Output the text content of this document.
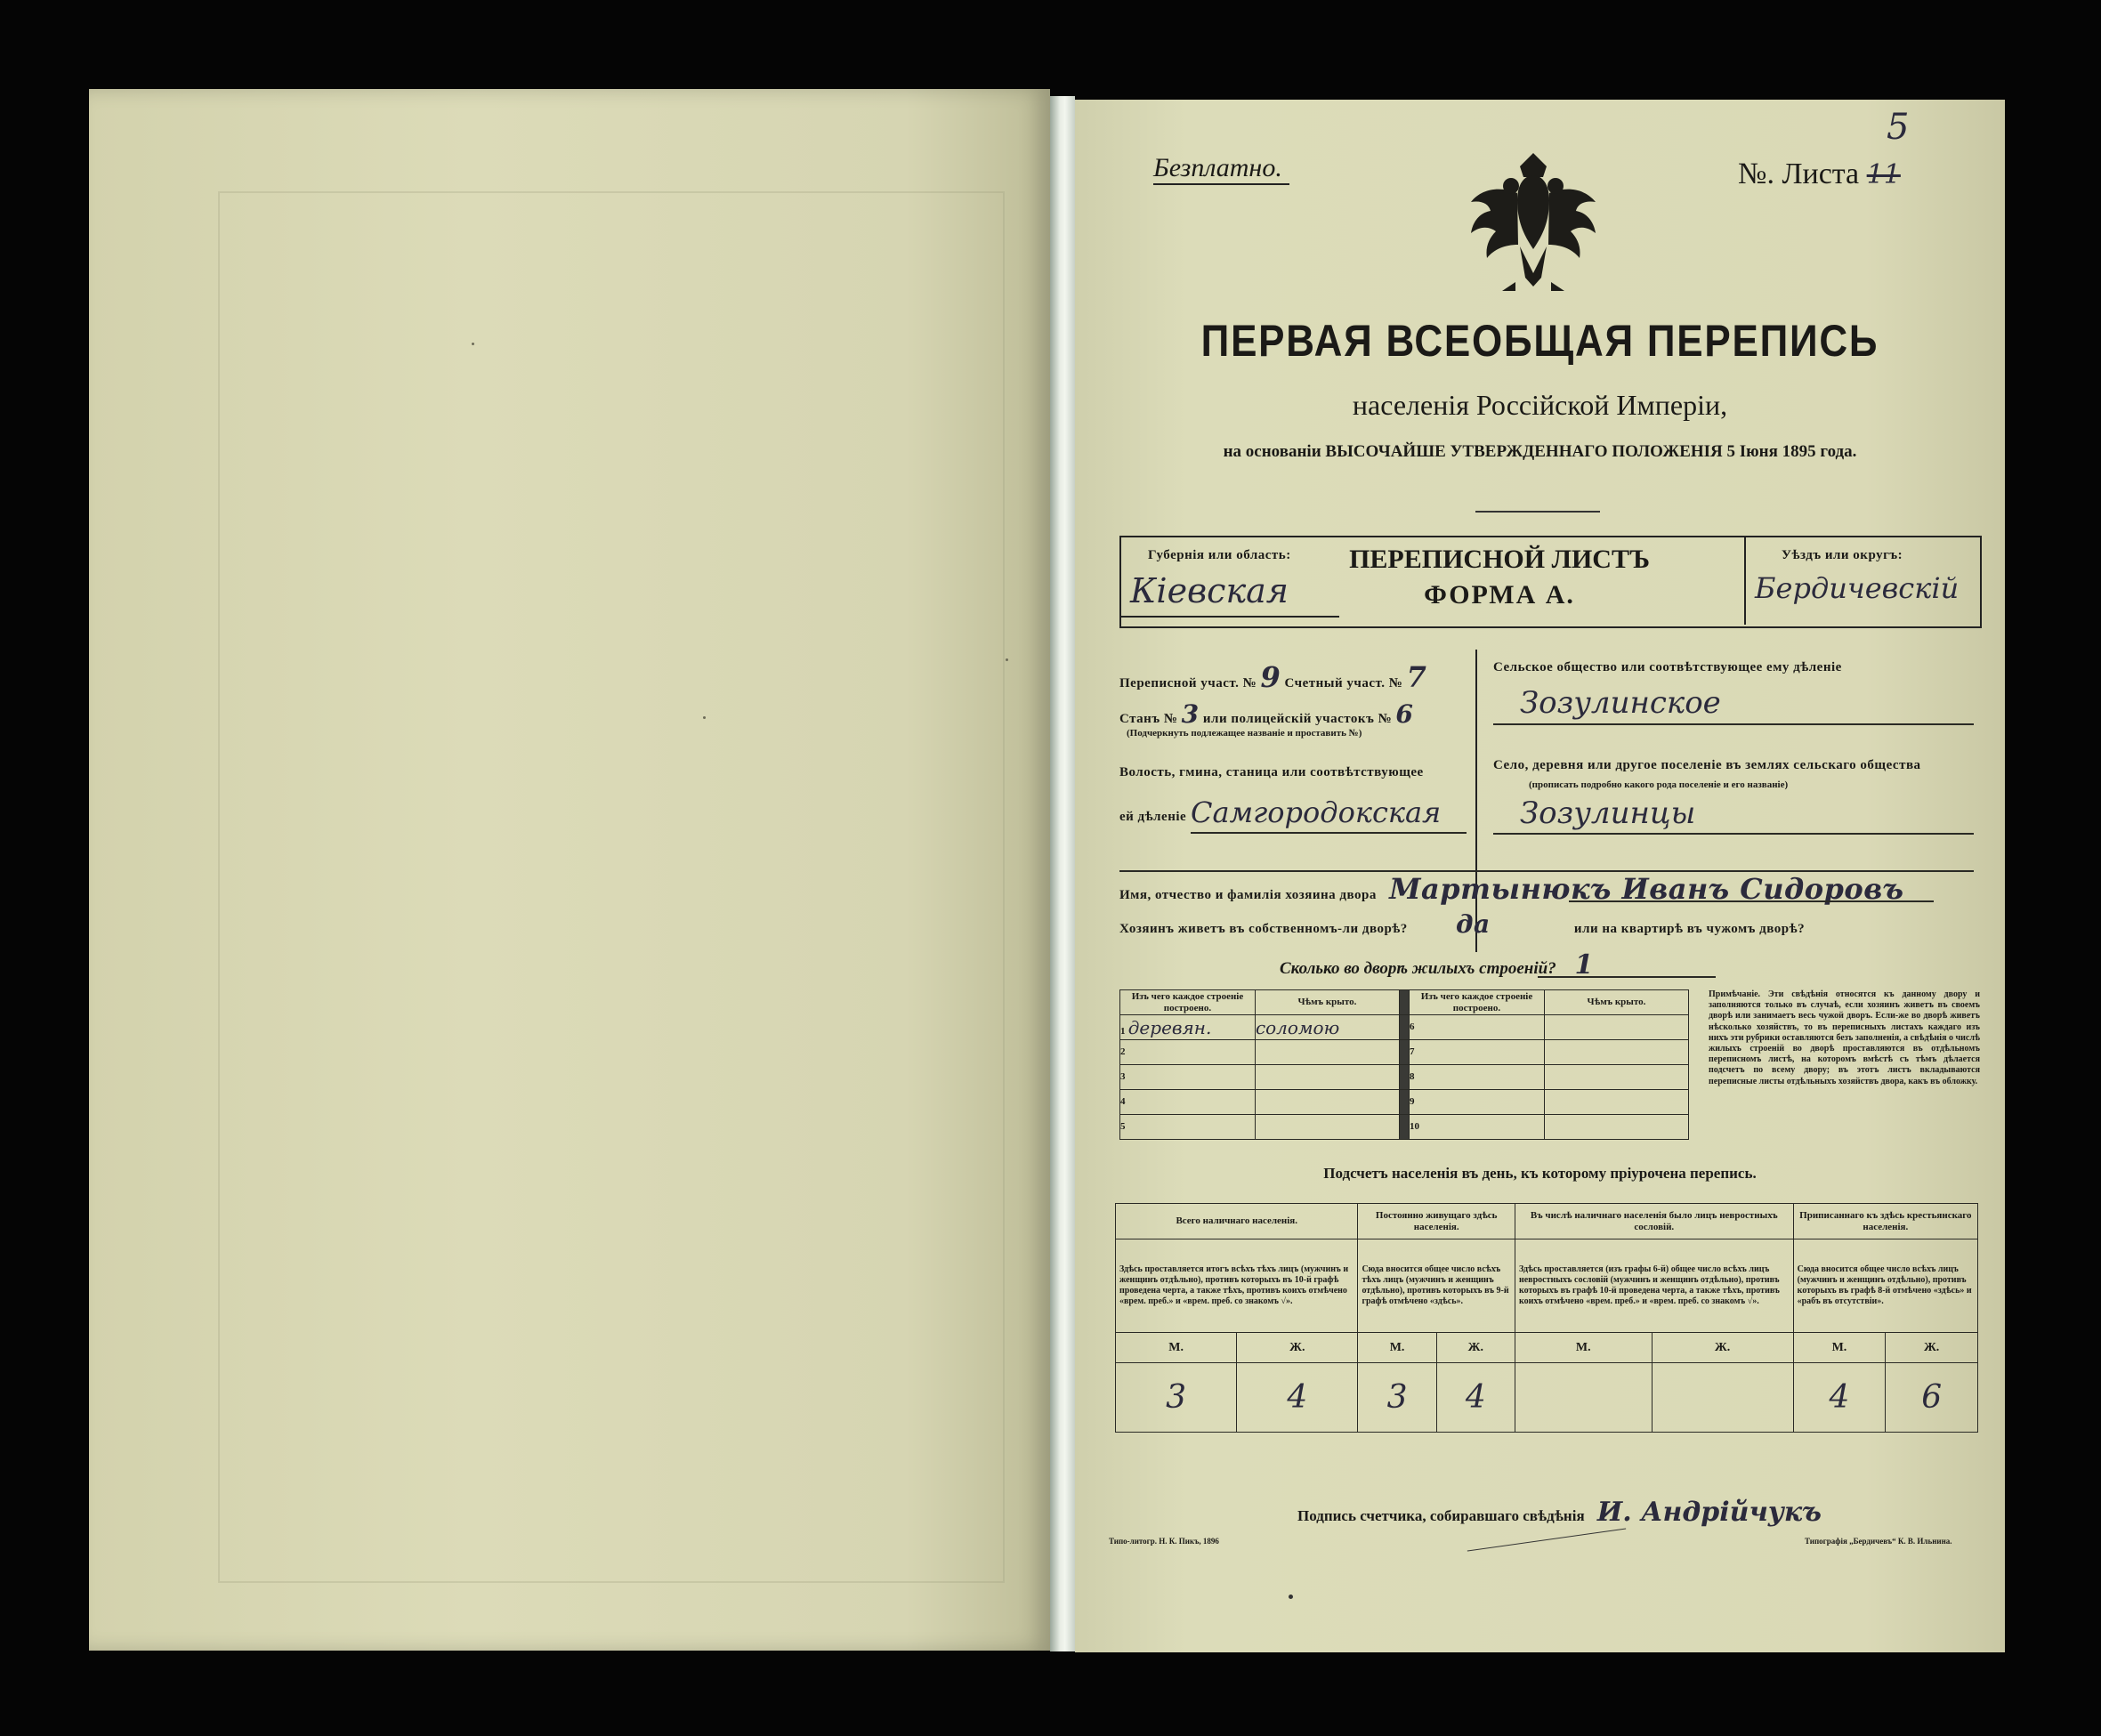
Безплатно.	№. Листа 11
5
ПЕРВАЯ ВСЕОБЩАЯ ПЕРЕПИСЬ
населенія Россійской Имперіи,
на основаніи ВЫСОЧАЙШЕ УТВЕРЖДЕННАГО ПОЛОЖЕНІЯ 5 Іюня 1895 года.
Губернія или область:
Кіевская
ПЕРЕПИСНОЙ ЛИСТЪ
ФОРМА А.
Уѣздъ или округъ:
Бердичевскій
Переписной участ. № 9 Счетный участ. № 7
Станъ № 3 или полицейскій участокъ № 6
(Подчеркнуть подлежащее названіе и проставить №)
Волость, гмина, станица или соотвѣтствующее
ей дѣленіе Самгородокская
Сельское общество или соотвѣтствующее ему дѣленіе
Зозулинское
Село, деревня или другое поселеніе въ землях сельскаго общества
(прописать подробно какого рода поселеніе и его названіе)
Зозулинцы
Имя, отчество и фамилія хозяина двора Мартынюкъ Иванъ Сидоровъ
Хозяинъ живетъ въ собственномъ-ли дворѣ? да	или на квартирѣ въ чужомъ дворѣ?
Сколько во дворѣ жилыхъ строеній? 1
Изъ чего каждое строеніе построено.	Чѣмъ крыто.		Изъ чего каждое строеніе построено.	Чѣмъ крыто.
1 деревян.	соломою		6	
2			7	
3			8	
4			9	
5			10	
Примѣчаніе. Эти свѣдѣнія относятся къ данному двору и заполняются только въ случаѣ, если хозяинъ живетъ въ своемъ дворѣ или занимаетъ весь чужой дворъ. Если-же во дворѣ живетъ нѣсколько хозяйствъ, то въ переписныхъ листахъ каждаго изъ нихъ эти рубрики оставляются безъ заполненія, а свѣдѣнія о числѣ жилыхъ строеній во дворѣ проставляются въ отдѣльномъ переписномъ листѣ, на которомъ вмѣстѣ съ тѣмъ дѣлается подсчетъ по всему двору; въ этотъ листъ вкладываются переписные листы отдѣльныхъ хозяйствъ двора, какъ въ обложку.
Подсчетъ населенія въ день, къ которому пріурочена перепись.
Всего наличнаго населенія.		Постоянно живущаго здѣсь населенія.		Въ числѣ наличнаго населенія было лицъ невростныхъ сословій.		Приписаннаго къ здѣсь крестьянскаго населенія.	
Здѣсь проставляется итогъ всѣхъ тѣхъ лицъ (мужчинъ и женщинъ отдѣльно), противъ которыхъ въ 10-й графѣ проведена черта, а также тѣхъ, противъ коихъ отмѣчено «врем. преб.» и «врем. преб. со знакомъ √».		Сюда вносится общее число всѣхъ тѣхъ лицъ (мужчинъ и женщинъ отдѣльно), противъ которыхъ въ 9-й графѣ отмѣчено «здѣсь».		Здѣсь проставляется (изъ графы 6-й) общее число всѣхъ лицъ невростныхъ сословій (мужчинъ и женщинъ отдѣльно), противъ которыхъ въ графѣ 10-й проведена черта, а также тѣхъ, противъ коихъ отмѣчено «врем. преб.» и «врем. преб. со знакомъ √».		Сюда вносится общее число всѣхъ лицъ (мужчинъ и женщинъ отдѣльно), противъ которыхъ въ графѣ 8-й отмѣчено «здѣсь» и «рабъ въ отсутствіи».	
М.	Ж.	М.	Ж.	М.	Ж.	М.	Ж.
3	4	3	4			4	6
Подпись счетчика, собиравшаго свѣдѣнія И. Андрійчукъ
Типо-литогр. Н. К. Пикъ, 1896	Типографія „Бердичевъ“ К. В. Ильнина.
